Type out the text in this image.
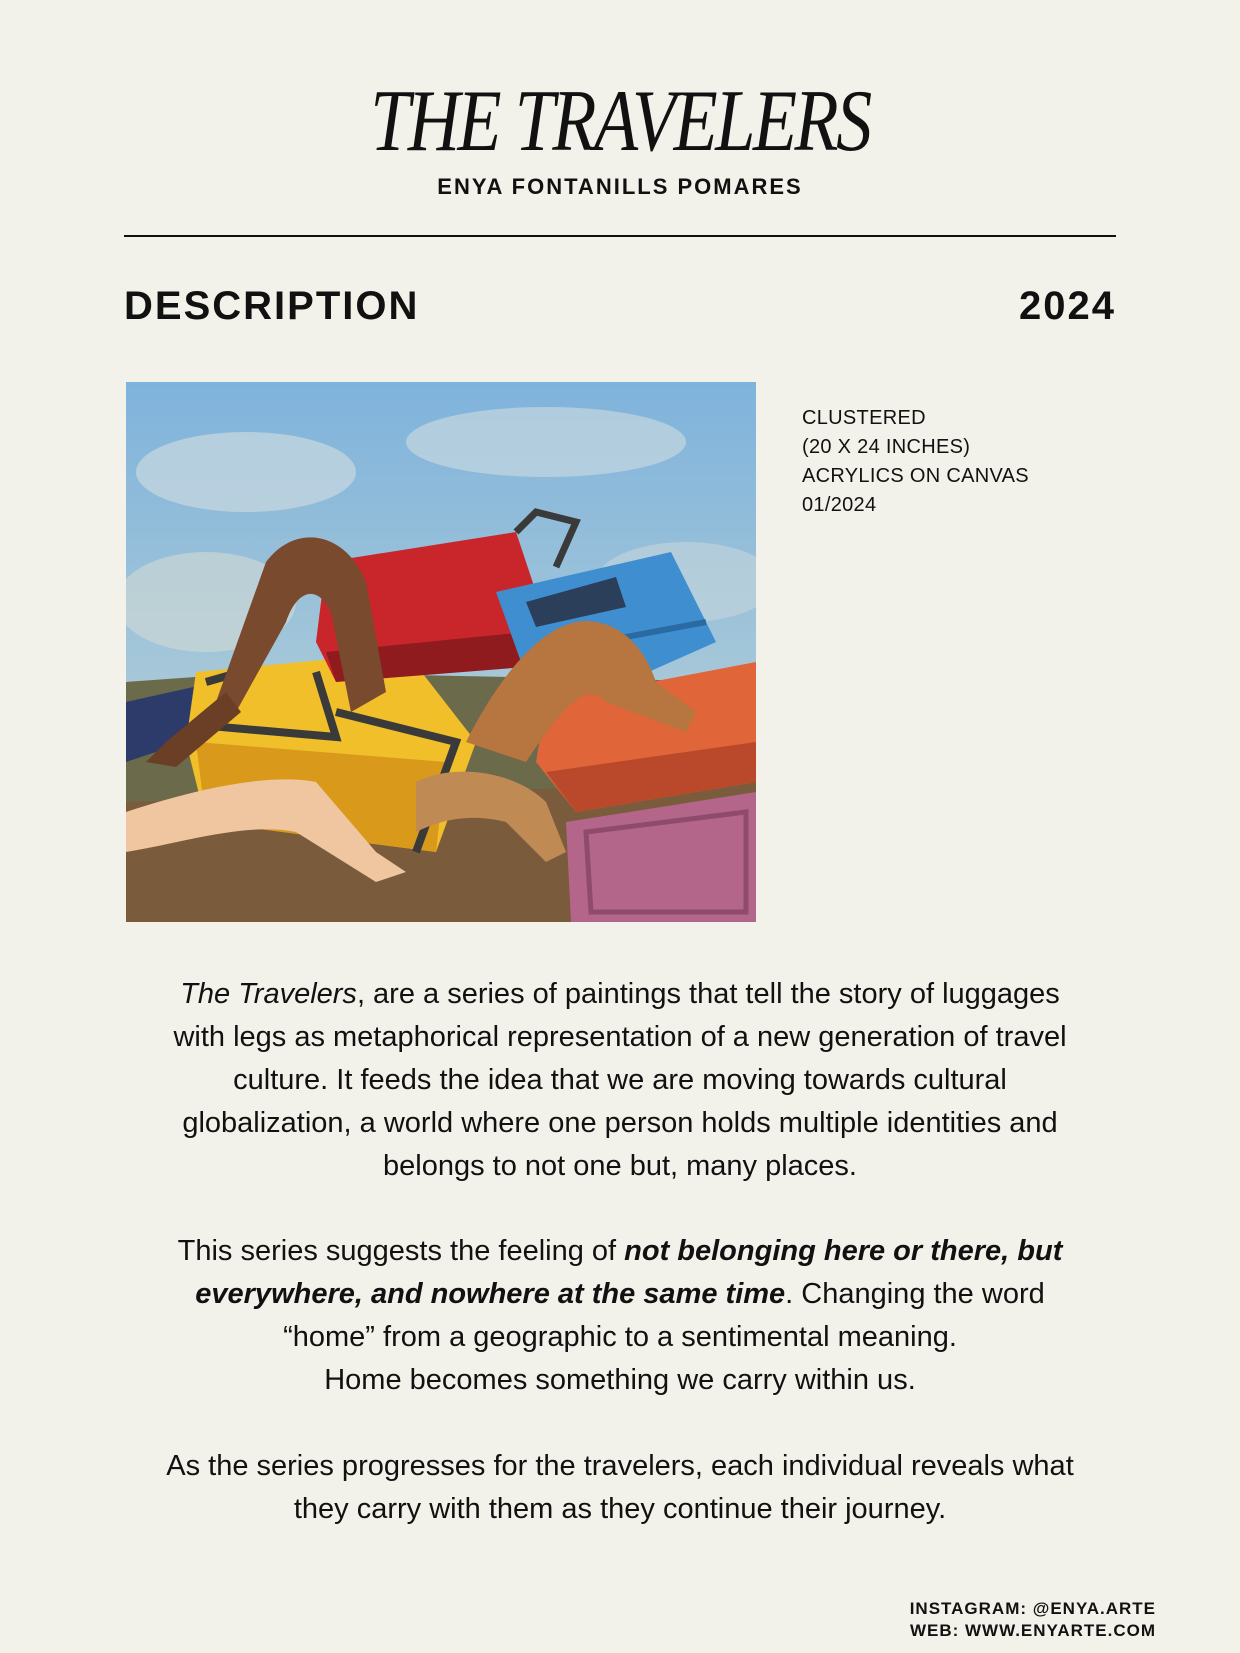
THE TRAVELERS
ENYA FONTANILLS POMARES
DESCRIPTION	2024
CLUSTERED
(20 X 24 INCHES)
ACRYLICS ON CANVAS
01/2024
The Travelers, are a series of paintings that tell the story of luggages
with legs as metaphorical representation of a new generation of travel
culture. It feeds the idea that we are moving towards cultural
globalization, a world where one person holds multiple identities and
belongs to not one but, many places.
This series suggests the feeling of not belonging here or there, but
everywhere, and nowhere at the same time. Changing the word
“home” from a geographic to a sentimental meaning.
Home becomes something we carry within us.
As the series progresses for the travelers, each individual reveals what
they carry with them as they continue their journey.
INSTAGRAM: @ENYA.ARTE
WEB: WWW.ENYARTE.COM
